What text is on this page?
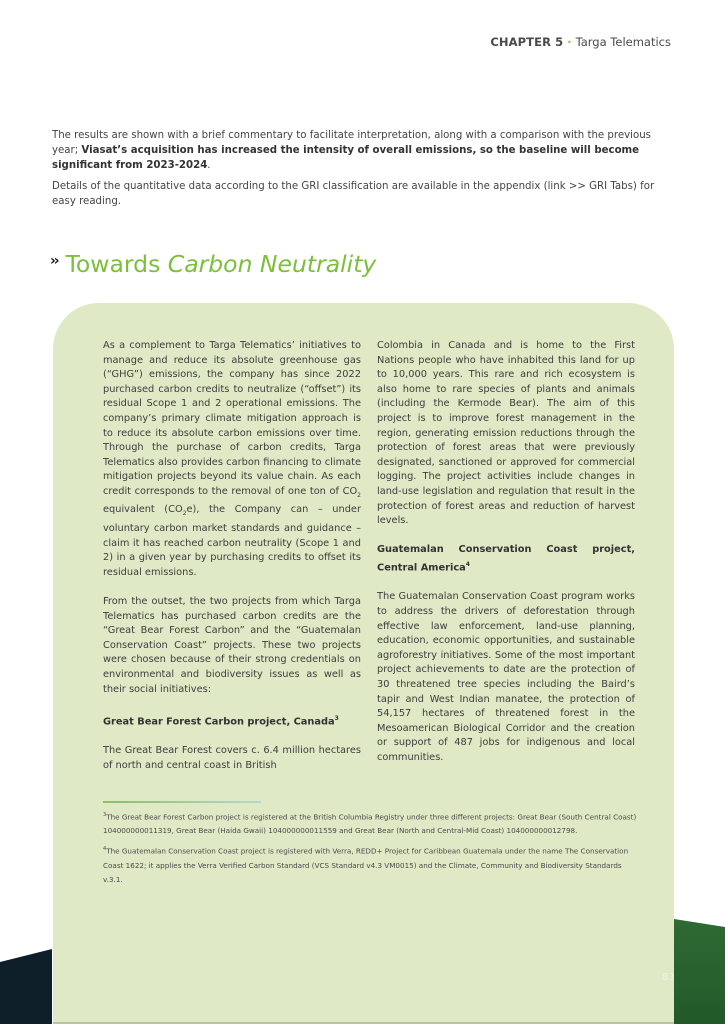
CHAPTER 5 · Targa Telematics

The results are shown with a brief commentary to facilitate interpretation, along with a comparison with the previous year; Viasat’s acquisition has increased the intensity of overall emissions, so the baseline will become significant from 2023-2024.

Details of the quantitative data according to the GRI classification are available in the appendix (link >> GRI Tabs) for easy reading.

›› Towards Carbon Neutrality

As a complement to Targa Telematics’ initiatives to manage and reduce its absolute greenhouse gas (“GHG”) emissions, the company has since 2022 purchased carbon credits to neutralize (“offset”) its residual Scope 1 and 2 operational emissions. The company’s primary climate mitigation approach is to reduce its absolute carbon emissions over time. Through the purchase of carbon credits, Targa Telematics also provides carbon financing to climate mitigation projects beyond its value chain. As each credit corresponds to the removal of one ton of $CO_2$ equivalent $(CO_2e)$, the Company can – under voluntary carbon market standards and guidance – claim it has reached carbon neutrality (Scope 1 and 2) in a given year by purchasing credits to offset its residual emissions.

From the outset, the two projects from which Targa Telematics has purchased carbon credits are the “Great Bear Forest Carbon” and the “Guatemalan Conservation Coast” projects. These two projects were chosen because of their strong credentials on environmental and biodiversity issues as well as their social initiatives:

Great Bear Forest Carbon project, Canada$^3$

The Great Bear Forest covers c. 6.4 million hectares of north and central coast in British

Colombia in Canada and is home to the First Nations people who have inhabited this land for up to 10,000 years. This rare and rich ecosystem is also home to rare species of plants and animals (including the Kermode Bear). The aim of this project is to improve forest management in the region, generating emission reductions through the protection of forest areas that were previously designated, sanctioned or approved for commercial logging. The project activities include changes in land-use legislation and regulation that result in the protection of forest areas and reduction of harvest levels.

Guatemalan Conservation Coast project, Central America$^4$

The Guatemalan Conservation Coast program works to address the drivers of deforestation through effective law enforcement, land-use planning, education, economic opportunities, and sustainable agroforestry initiatives. Some of the most important project achievements to date are the protection of 30 threatened tree species including the Baird’s tapir and West Indian manatee, the protection of 54,157 hectares of threatened forest in the Mesoamerican Biological Corridor and the creation or support of 487 jobs for indigenous and local communities.

$^3$The Great Bear Forest Carbon project is registered at the British Columbia Registry under three different projects: Great Bear (South Central Coast) 104000000011319, Great Bear (Haida Gwaii) 104000000011559 and Great Bear (North and Central-Mid Coast) 104000000012798.

$^4$The Guatemalan Conservation Coast project is registered with Verra, REDD+ Project for Caribbean Guatemala under the name The Conservation Coast 1622; it applies the Verra Verified Carbon Standard (VCS Standard v4.3 VM0015) and the Climate, Community and Biodiversity Standards v.3.1.

83
